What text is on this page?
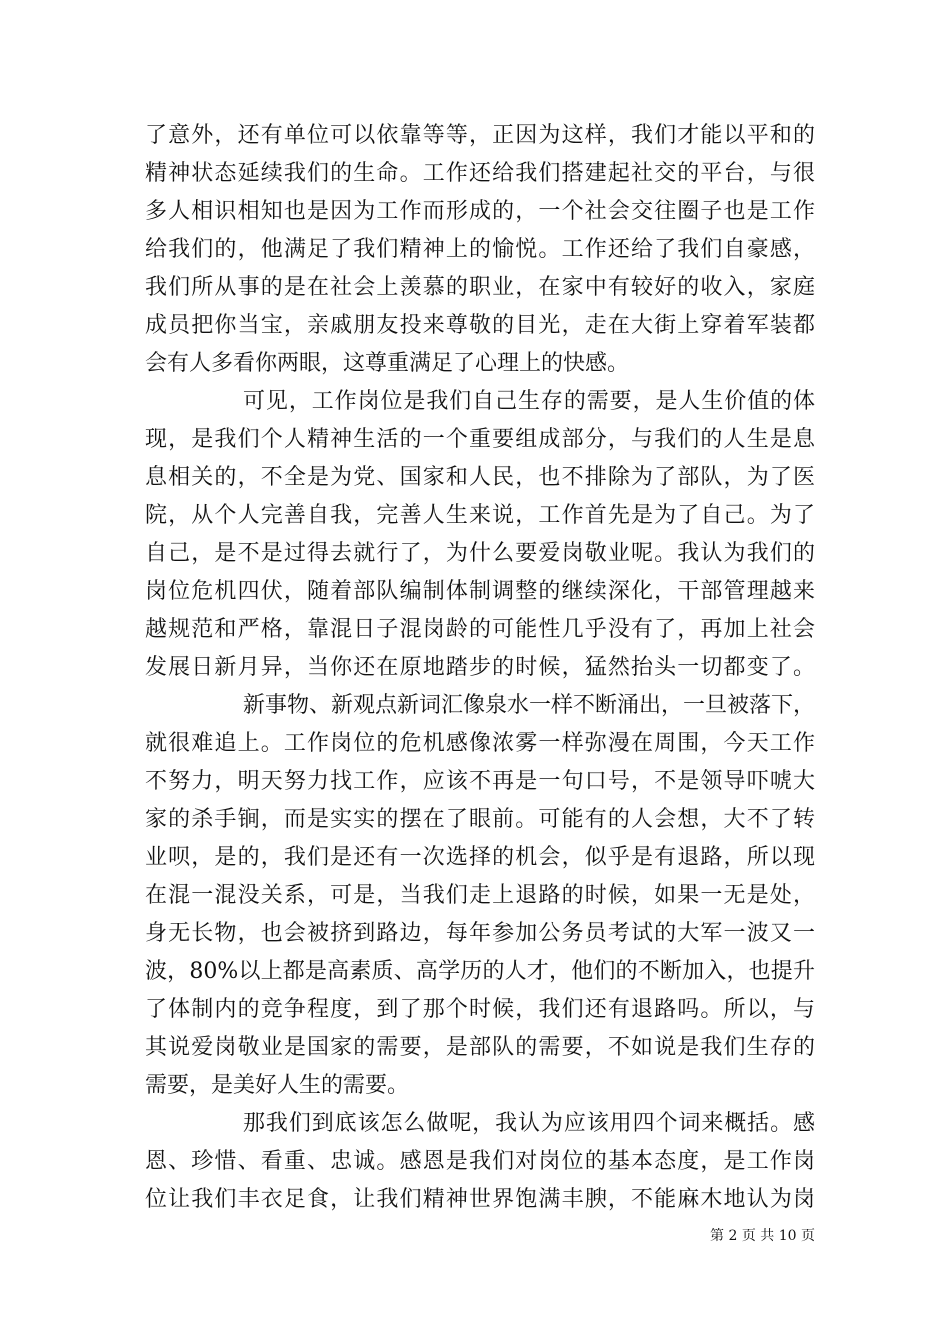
了意外，还有单位可以依靠等等，正因为这样，我们才能以平和的
精神状态延续我们的生命。工作还给我们搭建起社交的平台，与很
多人相识相知也是因为工作而形成的，一个社会交往圈子也是工作
给我们的，他满足了我们精神上的愉悦。工作还给了我们自豪感，
我们所从事的是在社会上羡慕的职业，在家中有较好的收入，家庭
成员把你当宝，亲戚朋友投来尊敬的目光，走在大街上穿着军装都
会有人多看你两眼，这尊重满足了心理上的快感。
可见，工作岗位是我们自己生存的需要，是人生价值的体
现，是我们个人精神生活的一个重要组成部分，与我们的人生是息
息相关的，不全是为党、国家和人民，也不排除为了部队，为了医
院，从个人完善自我，完善人生来说，工作首先是为了自己。为了
自己，是不是过得去就行了，为什么要爱岗敬业呢。我认为我们的
岗位危机四伏，随着部队编制体制调整的继续深化，干部管理越来
越规范和严格，靠混日子混岗龄的可能性几乎没有了，再加上社会
发展日新月异，当你还在原地踏步的时候，猛然抬头一切都变了。
新事物、新观点新词汇像泉水一样不断涌出，一旦被落下，
就很难追上。工作岗位的危机感像浓雾一样弥漫在周围，今天工作
不努力，明天努力找工作，应该不再是一句口号，不是领导吓唬大
家的杀手锏，而是实实的摆在了眼前。可能有的人会想，大不了转
业呗，是的，我们是还有一次选择的机会，似乎是有退路，所以现
在混一混没关系，可是，当我们走上退路的时候，如果一无是处，
身无长物，也会被挤到路边，每年参加公务员考试的大军一波又一
波，80%以上都是高素质、高学历的人才，他们的不断加入，也提升
了体制内的竞争程度，到了那个时候，我们还有退路吗。所以，与
其说爱岗敬业是国家的需要，是部队的需要，不如说是我们生存的
需要，是美好人生的需要。
那我们到底该怎么做呢，我认为应该用四个词来概括。感
恩、珍惜、看重、忠诚。感恩是我们对岗位的基本态度，是工作岗
位让我们丰衣足食，让我们精神世界饱满丰腴，不能麻木地认为岗
第 2 页 共 10 页
